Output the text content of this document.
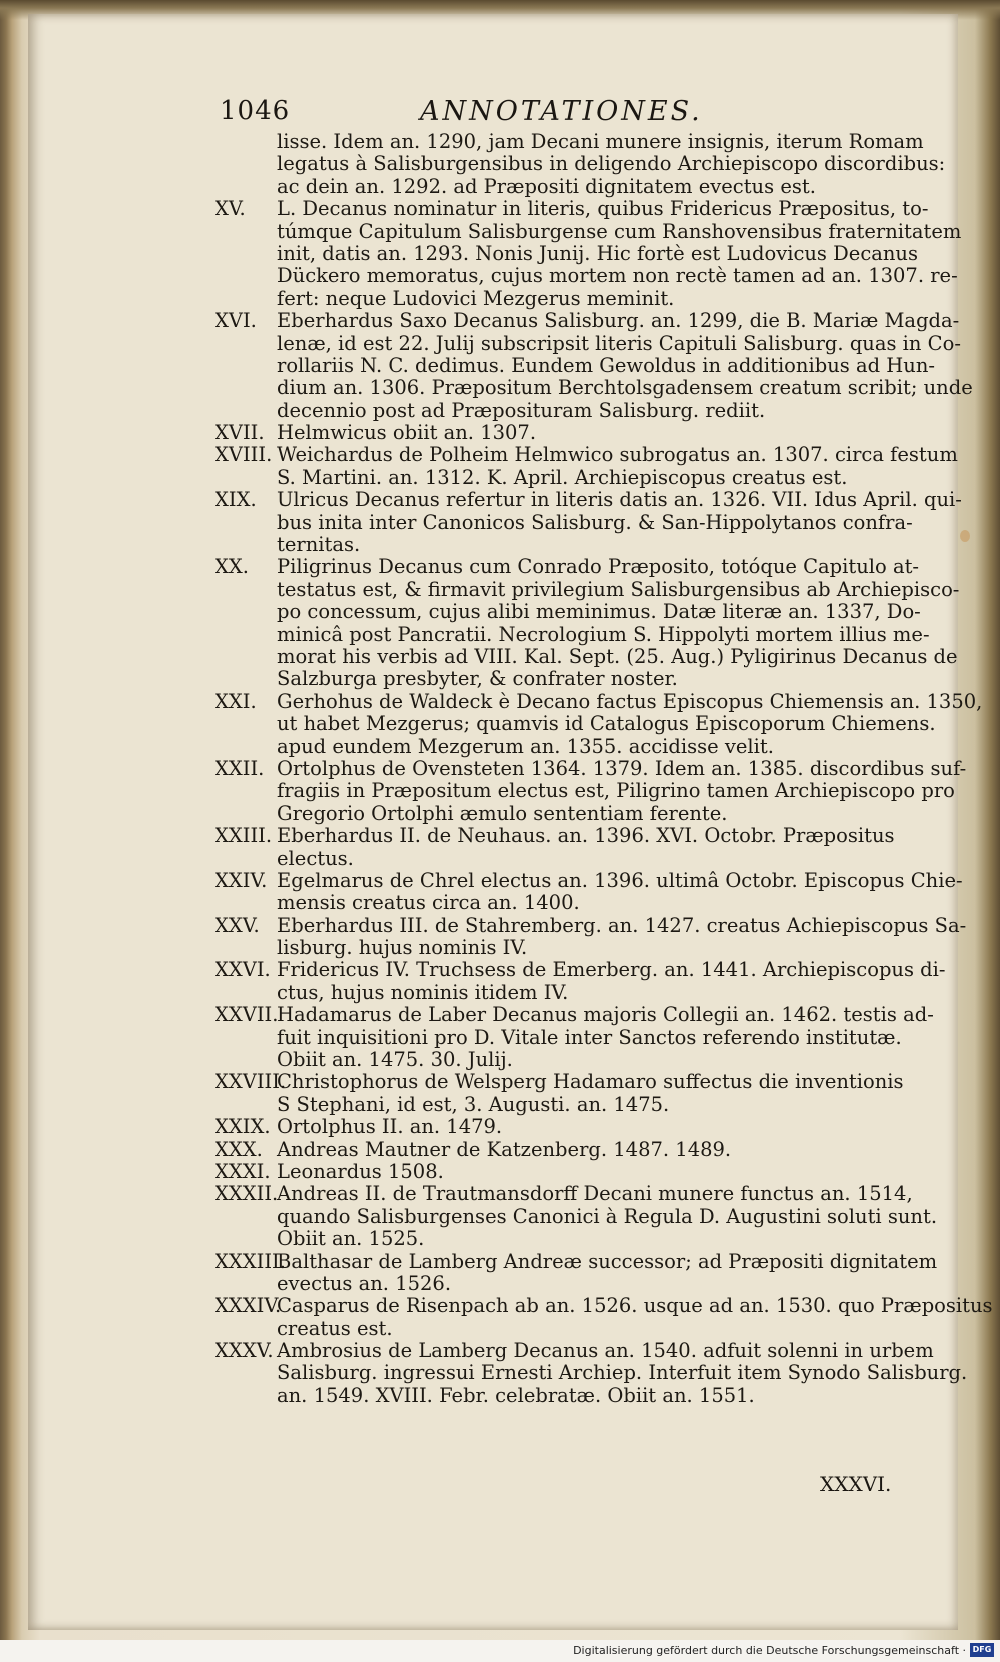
1046	ANNOTATIONES.
lisse. Idem an. 1290, jam Decani munere insignis, iterum Romam
legatus à Salisburgensibus in deligendo Archiepiscopo discordibus:
ac dein an. 1292. ad Præpositi dignitatem evectus est.
XV. L. Decanus nominatur in literis, quibus Fridericus Præpositus, to-
túmque Capitulum Salisburgense cum Ranshovensibus fraternitatem
init, datis an. 1293. Nonis Junij. Hic fortè est Ludovicus Decanus
Dückero memoratus, cujus mortem non rectè tamen ad an. 1307. re-
fert: neque Ludovici Mezgerus meminit.
XVI. Eberhardus Saxo Decanus Salisburg. an. 1299, die B. Mariæ Magda-
lenæ, id est 22. Julij subscripsit literis Capituli Salisburg. quas in Co-
rollariis N. C. dedimus. Eundem Gewoldus in additionibus ad Hun-
dium an. 1306. Præpositum Berchtolsgadensem creatum scribit; unde
decennio post ad Præposituram Salisburg. rediit.
XVII. Helmwicus obiit an. 1307.
XVIII. Weichardus de Polheim Helmwico subrogatus an. 1307. circa festum
S. Martini. an. 1312. K. April. Archiepiscopus creatus est.
XIX. Ulricus Decanus refertur in literis datis an. 1326. VII. Idus April. qui-
bus inita inter Canonicos Salisburg. & San-Hippolytanos confra-
ternitas.
XX. Piligrinus Decanus cum Conrado Præposito, totóque Capitulo at-
testatus est, & firmavit privilegium Salisburgensibus ab Archiepisco-
po concessum, cujus alibi meminimus. Datæ literæ an. 1337, Do-
minicâ post Pancratii. Necrologium S. Hippolyti mortem illius me-
morat his verbis ad VIII. Kal. Sept. (25. Aug.) Pyligirinus Decanus de
Salzburga presbyter, & confrater noster.
XXI. Gerhohus de Waldeck è Decano factus Episcopus Chiemensis an. 1350,
ut habet Mezgerus; quamvis id Catalogus Episcoporum Chiemens.
apud eundem Mezgerum an. 1355. accidisse velit.
XXII. Ortolphus de Ovensteten 1364. 1379. Idem an. 1385. discordibus suf-
fragiis in Præpositum electus est, Piligrino tamen Archiepiscopo pro
Gregorio Ortolphi æmulo sententiam ferente.
XXIII. Eberhardus II. de Neuhaus. an. 1396. XVI. Octobr. Præpositus
electus.
XXIV. Egelmarus de Chrel electus an. 1396. ultimâ Octobr. Episcopus Chie-
mensis creatus circa an. 1400.
XXV. Eberhardus III. de Stahremberg. an. 1427. creatus Achiepiscopus Sa-
lisburg. hujus nominis IV.
XXVI. Fridericus IV. Truchsess de Emerberg. an. 1441. Archiepiscopus di-
ctus, hujus nominis itidem IV.
XXVII.
Hadamarus de Laber Decanus majoris Collegii an. 1462. testis ad-
fuit inquisitioni pro D. Vitale inter Sanctos referendo institutæ.
Obiit an. 1475. 30. Julij.
XXVIII.
Christophorus de Welsperg Hadamaro suffectus die inventionis
S Stephani, id est, 3. Augusti. an. 1475.
XXIX. Ortolphus II. an. 1479.
XXX. Andreas Mautner de Katzenberg. 1487. 1489.
XXXI. Leonardus 1508.
XXXII.
Andreas II. de Trautmansdorff Decani munere functus an. 1514,
quando Salisburgenses Canonici à Regula D. Augustini soluti sunt.
Obiit an. 1525.
XXXIII.
Balthasar de Lamberg Andreæ successor; ad Præpositi dignitatem
evectus an. 1526.
XXXIV.
Casparus de Risenpach ab an. 1526. usque ad an. 1530. quo Præpositus
creatus est.
XXXV. Ambrosius de Lamberg Decanus an. 1540. adfuit solenni in urbem
Salisburg. ingressui Ernesti Archiep. Interfuit item Synodo Salisburg.
an. 1549. XVIII. Febr. celebratæ. Obiit an. 1551.
XXXVI.
Digitalisierung gefördert durch die Deutsche Forschungsgemeinschaft · DFG
